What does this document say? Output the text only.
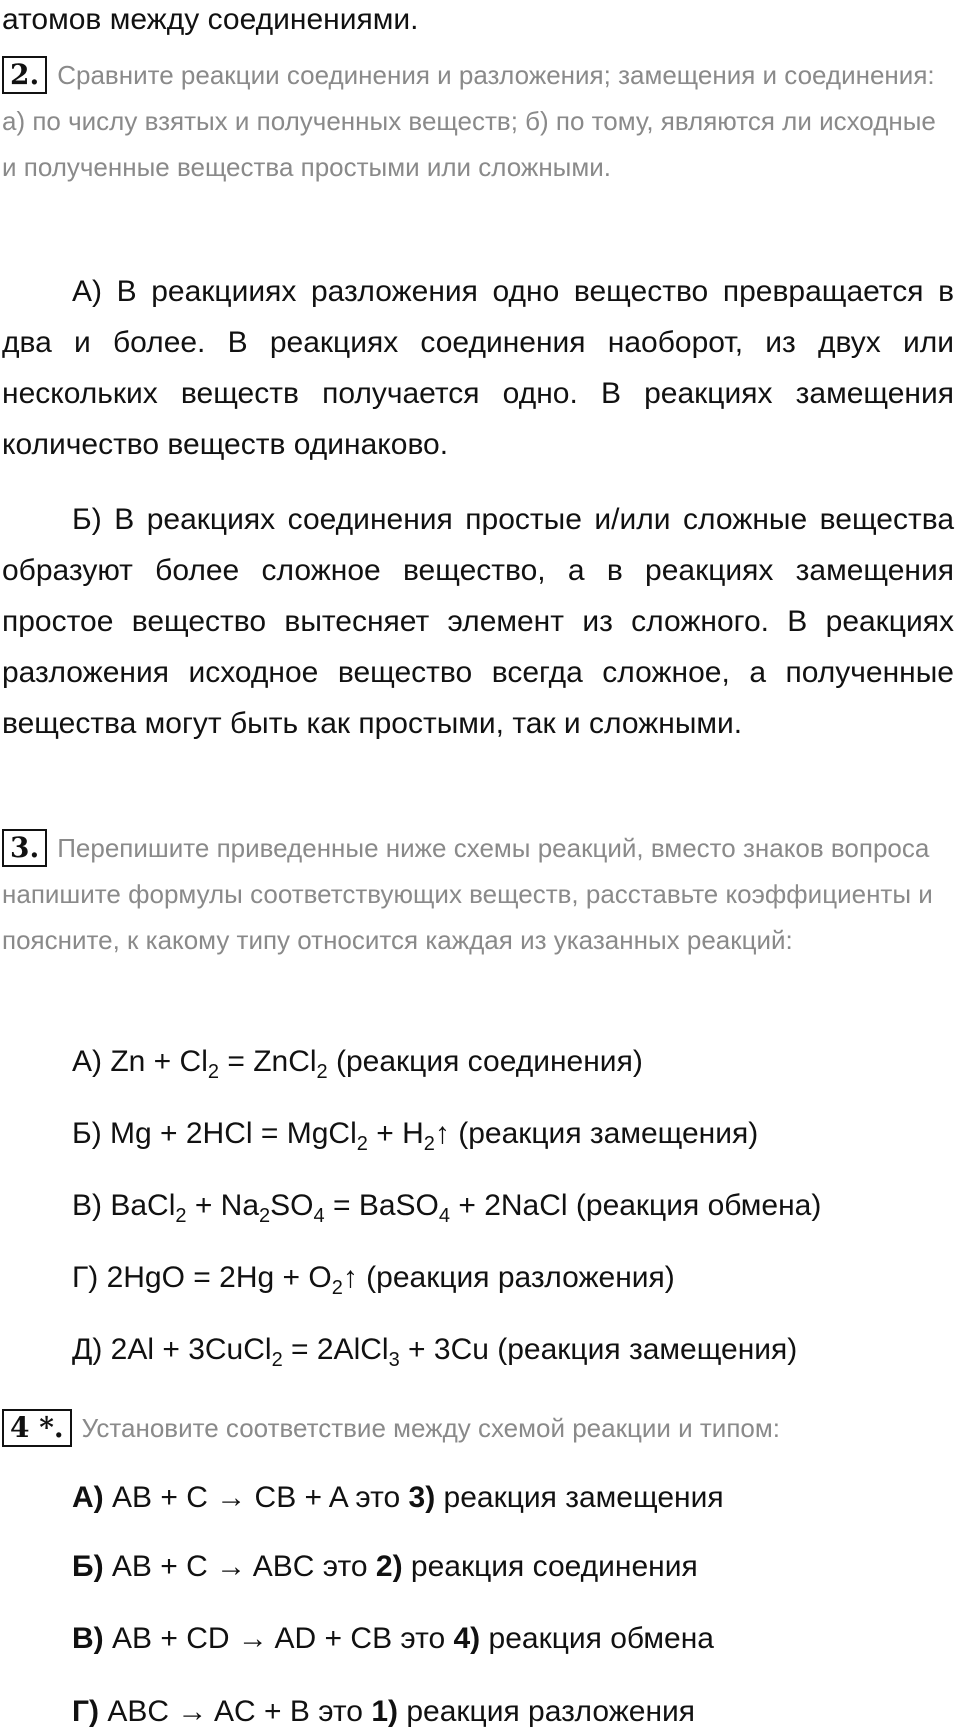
атомов между соединениями.
2. Сравните реакции соединения и разложения; замещения и соединения: а) по числу взятых и полученных веществ; б) по тому, являются ли исходные и полученные вещества простыми или сложными.
А) В реакцииях разложения одно вещество превращается в два и более. В реакциях соединения наоборот, из двух или нескольких веществ получается одно. В реакциях замещения количество веществ одинаково.
Б) В реакциях соединения простые и/или сложные вещества образуют более сложное вещество, а в реакциях замещения простое вещество вытесняет элемент из сложного. В реакциях разложения исходное вещество всегда сложное, а полученные вещества могут быть как простыми, так и сложными.
3. Перепишите приведенные ниже схемы реакций, вместо знаков вопроса напишите формулы соответствующих веществ, расставьте коэффициенты и поясните, к какому типу относится каждая из указанных реакций:
А) $Zn + Cl_2$ = ZnCl$_2$ (реакция соединения)
Б) Mg + 2HCl = MgCl$_2$ + $H_2↑$ (реакция замещения)
В) BaCl$_2$ + $Na_2SO_4$ = BaSO$_4$ + 2NaCl (реакция обмена)
Г) $2HgO = 2Hg + O_2↑$ (реакция разложения)
Д) 2Al + 3CuCl$_2$ = 2AlCl$_3$ + 3Cu (реакция замещения)
4 *. Установите соответствие между схемой реакции и типом:
А) AB + C → CB + A это 3) реакция замещения
Б) AB + C → ABC это 2) реакция соединения
В) AB + CD → AD + CB это 4) реакция обмена
Г) ABC → AC + B это 1) реакция разложения
